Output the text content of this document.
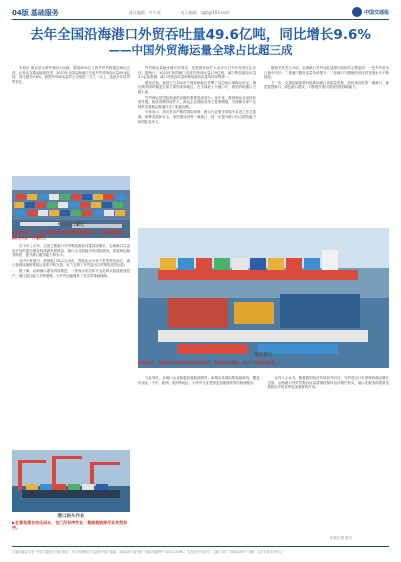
04版 基础服务	责任编辑：许小英	电子邮箱：zgjt@163.com	中国交通报
去年全国沿海港口外贸吞吐量49.6亿吨，同比增长9.6%
——中国外贸海运量全球占比超三成

本报讯 海运是全球贸易的大动脉，我国90%以上的外贸货物通过海运完成。记者从交通运输部获悉，2023年全国沿海港口完成外贸货物吞吐量49.6亿吨，同比增长9.6%，我国外贸海运量约占全球的三分之一以上，连续多年居世界首位。

外贸港口繁忙
▶4月23日，在山东港口青岛港前湾集装箱码头，货轮停靠装卸，港口作业一片繁忙。

在今年上半年，全国主要港口外贸集装箱吞吐量持续增长，沿海港口以更加开放的姿态服务构建新发展格局，港口企业积极开拓国际航线，拓展海运服务网络，提升港口服务能力和水平。

业内专家指出，我国港口码头自动化、智能化水平处于世界领先地位，港口基础设施和集疏运体系不断完善，有力支撑了外贸进出口货物的高效运转。

据了解，沿海港口建设持续推进，一批深水泊位和专业化码头陆续建成投产，港口通过能力不断增强，为外贸运输提供了坚实的基础保障。

港口码头作业
▶在青岛港自动化码头，龙门吊有序作业，集装箱装卸作业井然有序。

外贸海运量稳步增长的背后，是我国持续扩大高水平对外开放的坚定步伐。据统计，2023年我国港口完成货物吞吐量170亿吨，港口集装箱吞吐量3.1亿标准箱，港口货物吞吐量和集装箱吞吐量均居世界第一。

截至目前，我国已与100多个国家和地区签署了双边和区域海运协定，海运服务网络覆盖全球主要国家和地区，在全球前十大港口中，我国内地港口占据七席。

外贸海运是国际物流供应链的重要组成部分。近年来，我国海运业加快转型升级，船队规模持续扩大，海运企业国际竞争力显著增强，为保障全球产业链供应链稳定畅通作出了积极贡献。

专家表示，面对复杂严峻的国际形势，港口行业要坚持稳中求进工作总基调，统筹发展和安全，加快建设世界一流港口，进一步提升港口综合服务能力和国际竞争力。

港航联动
▶5月6日，满载外贸货物的货轮驶离港口，船舶往来穿梭，港口一派繁忙景象。

据相关负责人介绍，沿海港口外贸吞吐量增长较快的主要原因：一是外贸进出口稳中向好；二是港口服务质量持续提升；三是港口与腹地经济协同发展水平不断提高。

下一步，交通运输部将持续推动港口高质量发展，加快建设世界一流港口，推进智慧港口、绿色港口建设，不断提升港口服务国家战略能力。

与此同时，各港口企业积极拓展航线网络，新增多条国际集装箱航线，覆盖东南亚、中东、欧洲、美洲等地区，为外贸企业提供更加便捷高效的物流服务。

业内人士认为，随着我国经济持续回升向好，外贸进出口有望保持稳定增长态势，沿海港口外贸货物吞吐量将继续保持良好增长势头，港口在服务构建新发展格局中将发挥更加重要的作用。

本报记者 张宏
交通运输部主管 中国交通报社出版 地址：北京市朝阳区安定路5号院 邮编：100029 国内统一连续出版物号 CN11-0096 广告经营许可证号：京朝工商广字第0026号 印刷：人民日报印务中心
